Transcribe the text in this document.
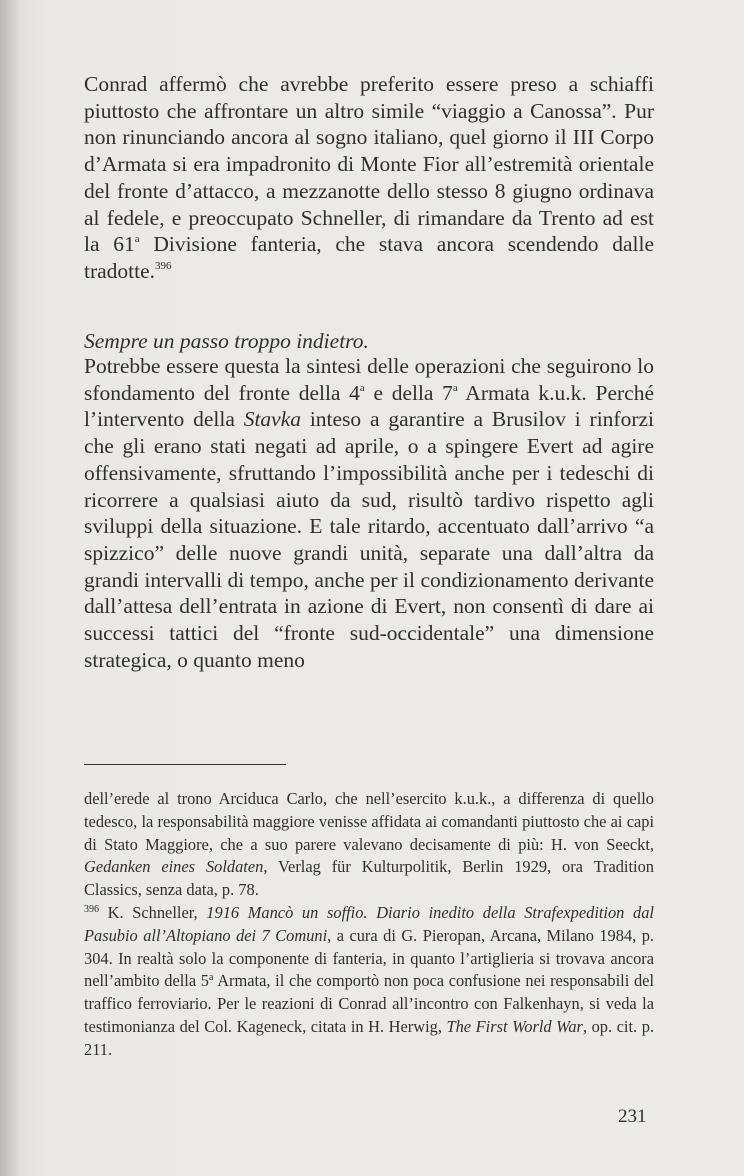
Conrad affermò che avrebbe preferito essere preso a schiaffi piuttosto che affrontare un altro simile “viaggio a Canossa”. Pur non rinunciando ancora al sogno italiano, quel giorno il III Corpo d’Armata si era impadronito di Monte Fior all’estremità orientale del fronte d’attacco, a mezzanotte dello stesso 8 giugno ordinava al fedele, e preoccupato Schneller, di rimandare da Trento ad est la 61$^a$ Divisione fanteria, che stava ancora scendendo dalle tradotte.$^{396}$

Sempre un passo troppo indietro.

Potrebbe essere questa la sintesi delle operazioni che seguirono lo sfondamento del fronte della 4$^a$ e della 7$^a$ Armata k.u.k. Perché l’intervento della Stavka inteso a garantire a Brusilov i rinforzi che gli erano stati negati ad aprile, o a spingere Evert ad agire offensivamente, sfruttando l’impossibilità anche per i tedeschi di ricorrere a qualsiasi aiuto da sud, risultò tardivo rispetto agli sviluppi della situazione. E tale ritardo, accentuato dall’arrivo “a spizzico” delle nuove grandi unità, separate una dall’altra da grandi intervalli di tempo, anche per il condizionamento derivante dall’attesa dell’entrata in azione di Evert, non consentì di dare ai successi tattici del “fronte sud-occidentale” una dimensione strategica, o quanto meno

dell’erede al trono Arciduca Carlo, che nell’esercito k.u.k., a differenza di quello tedesco, la responsabilità maggiore venisse affidata ai comandanti piuttosto che ai capi di Stato Maggiore, che a suo parere valevano decisamente di più: H. von Seeckt, Gedanken eines Soldaten, Verlag für Kulturpolitik, Berlin 1929, ora Tradition Classics, senza data, p. 78.

$^{396}$ K. Schneller, 1916 Mancò un soffio. Diario inedito della Strafexpedition dal Pasubio all’Altopiano dei 7 Comuni, a cura di G. Pieropan, Arcana, Milano 1984, p. 304. In realtà solo la componente di fanteria, in quanto l’artiglieria si trovava ancora nell’ambito della 5$^a$ Armata, il che comportò non poca confusione nei responsabili del traffico ferroviario. Per le reazioni di Conrad all’incontro con Falkenhayn, si veda la testimonianza del Col. Kageneck, citata in H. Herwig, The First World War, op. cit. p. 211.

231
